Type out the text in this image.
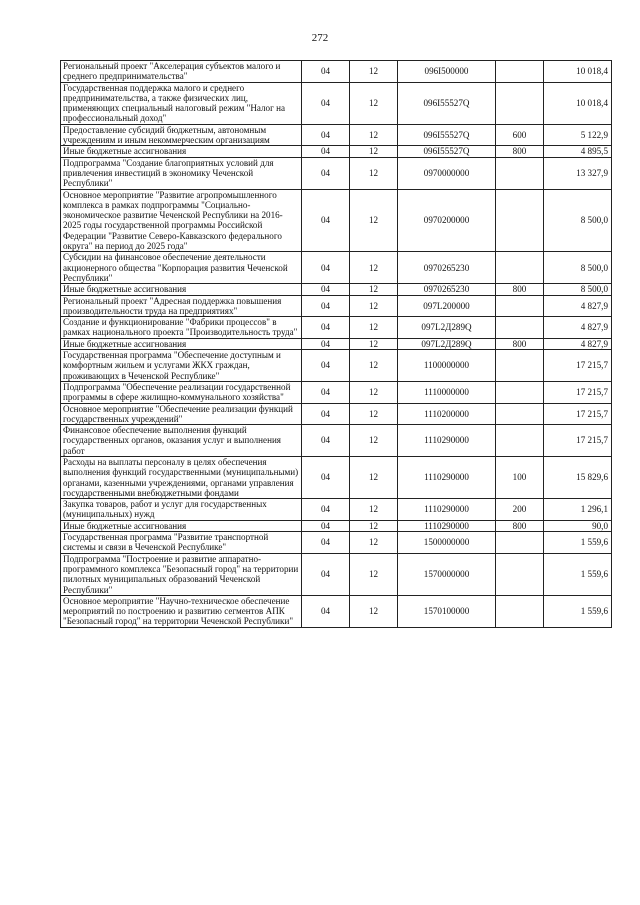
272
Региональный проект "Акселерация субъектов малого и среднего предпринимательства"	04	12	096I500000		10 018,4
Государственная поддержка малого и среднего предпринимательства, а также физических лиц, применяющих специальный налоговый режим "Налог на профессиональный доход"	04	12	096I55527Q		10 018,4
Предоставление субсидий бюджетным, автономным учреждениям и иным некоммерческим организациям	04	12	096I55527Q	600	5 122,9
Иные бюджетные ассигнования	04	12	096I55527Q	800	4 895,5
Подпрограмма "Создание благоприятных условий для привлечения инвестиций в экономику Чеченской Республики"	04	12	0970000000		13 327,9
Основное мероприятие "Развитие агропромышленного комплекса в рамках подпрограммы "Социально-экономическое развитие Чеченской Республики на 2016-2025 годы государственной программы Российской Федерации "Развитие Северо-Кавказского федерального округа" на период до 2025 года"	04	12	0970200000		8 500,0
Субсидии на финансовое обеспечение деятельности акционерного общества "Корпорация развития Чеченской Республики"	04	12	0970265230		8 500,0
Иные бюджетные ассигнования	04	12	0970265230	800	8 500,0
Региональный проект "Адресная поддержка повышения производительности труда на предприятиях"	04	12	097L200000		4 827,9
Создание и функционирование "Фабрики процессов" в рамках национального проекта "Производительность труда"	04	12	097L2Д289Q		4 827,9
Иные бюджетные ассигнования	04	12	097L2Д289Q	800	4 827,9
Государственная программа "Обеспечение доступным и комфортным жильем и услугами ЖКХ граждан, проживающих в Чеченской Республике"	04	12	1100000000		17 215,7
Подпрограмма "Обеспечение реализации государственной программы в сфере жилищно-коммунального хозяйства"	04	12	1110000000		17 215,7
Основное мероприятие "Обеспечение реализации функций государственных учреждений"	04	12	1110200000		17 215,7
Финансовое обеспечение выполнения функций государственных органов, оказания услуг и выполнения работ	04	12	1110290000		17 215,7
Расходы на выплаты персоналу в целях обеспечения выполнения функций государственными (муниципальными) органами, казенными учреждениями, органами управления государственными внебюджетными фондами	04	12	1110290000	100	15 829,6
Закупка товаров, работ и услуг для государственных (муниципальных) нужд	04	12	1110290000	200	1 296,1
Иные бюджетные ассигнования	04	12	1110290000	800	90,0
Государственная программа "Развитие транспортной системы и связи в Чеченской Республике"	04	12	1500000000		1 559,6
Подпрограмма "Построение и развитие аппаратно-программного комплекса "Безопасный город" на территории пилотных муниципальных образований Чеченской Республики"	04	12	1570000000		1 559,6
Основное мероприятие "Научно-техническое обеспечение мероприятий по построению и развитию сегментов АПК "Безопасный город" на территории Чеченской Республики"	04	12	1570100000		1 559,6
